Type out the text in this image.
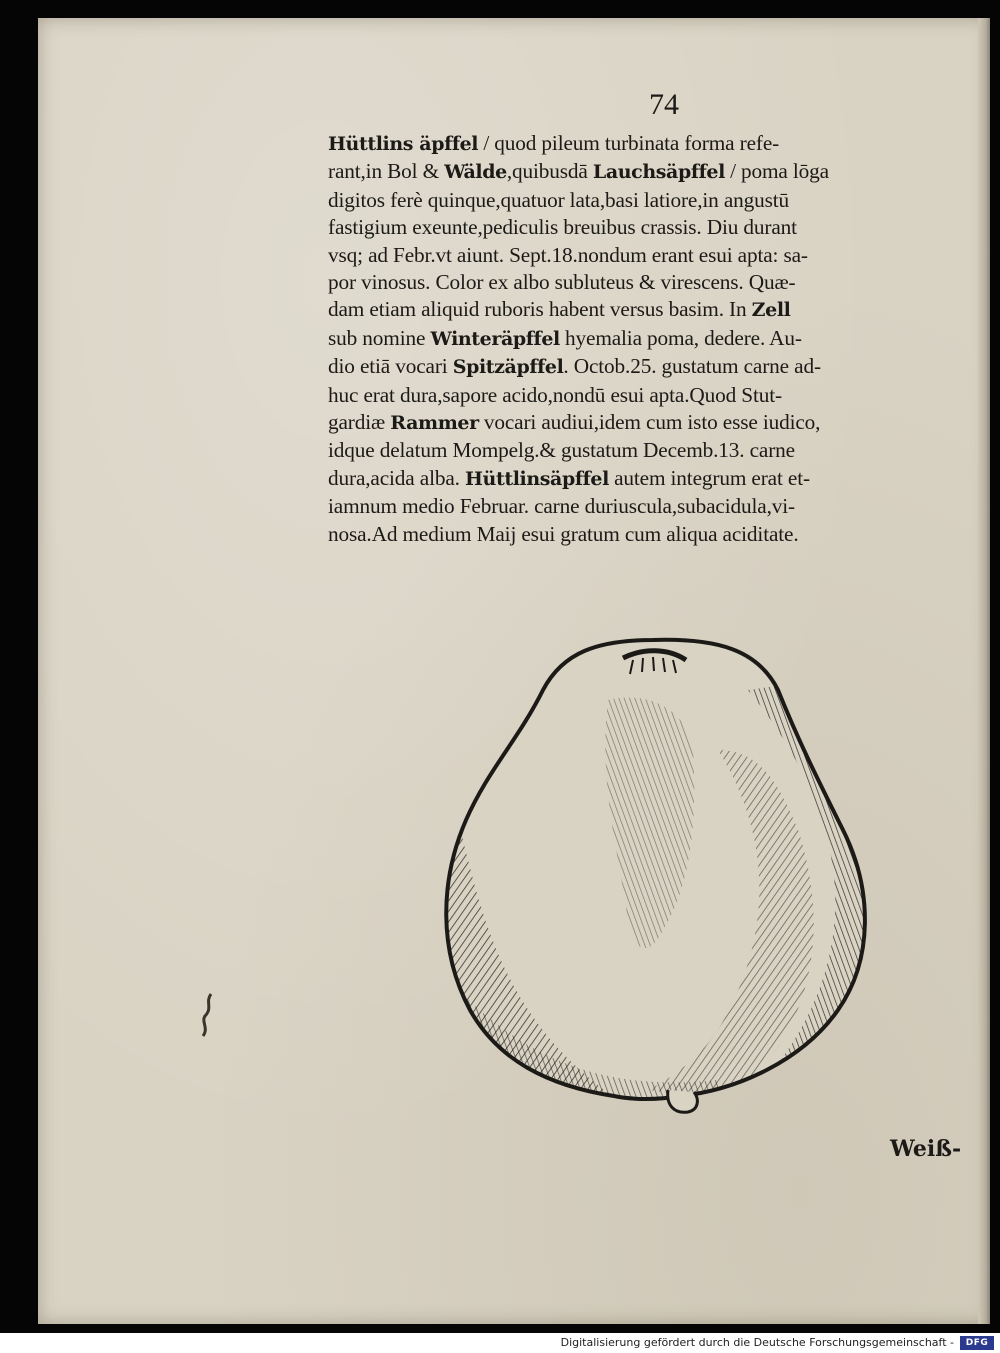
74
Hüttlins äpffel / quod pileum turbinata forma refe-
rant,in Bol & Wälde,quibusdā Lauchsäpffel / poma lōga
digitos ferè quinque,quatuor lata,basi latiore,in angustū
fastigium exeunte,pediculis breuibus crassis. Diu durant
vsq; ad Febr.vt aiunt. Sept.18.nondum erant esui apta: sa-
por vinosus. Color ex albo subluteus & virescens. Quæ-
dam etiam aliquid ruboris habent versus basim. In Zell
sub nomine Winteräpffel hyemalia poma, dedere. Au-
dio etiā vocari Spitzäpffel. Octob.25. gustatum carne ad-
huc erat dura,sapore acido,nondū esui apta.Quod Stut-
gardiæ Rammer vocari audiui,idem cum isto esse iudico,
idque delatum Mompelg.& gustatum Decemb.13. carne
dura,acida alba. Hüttlinsäpffel autem integrum erat et-
iamnum medio Februar. carne duriuscula,subacidula,vi-
nosa.Ad medium Maij esui gratum cum aliqua aciditate.
Weiß-
Digitalisierung gefördert durch die Deutsche Forschungsgemeinschaft -	DFG
